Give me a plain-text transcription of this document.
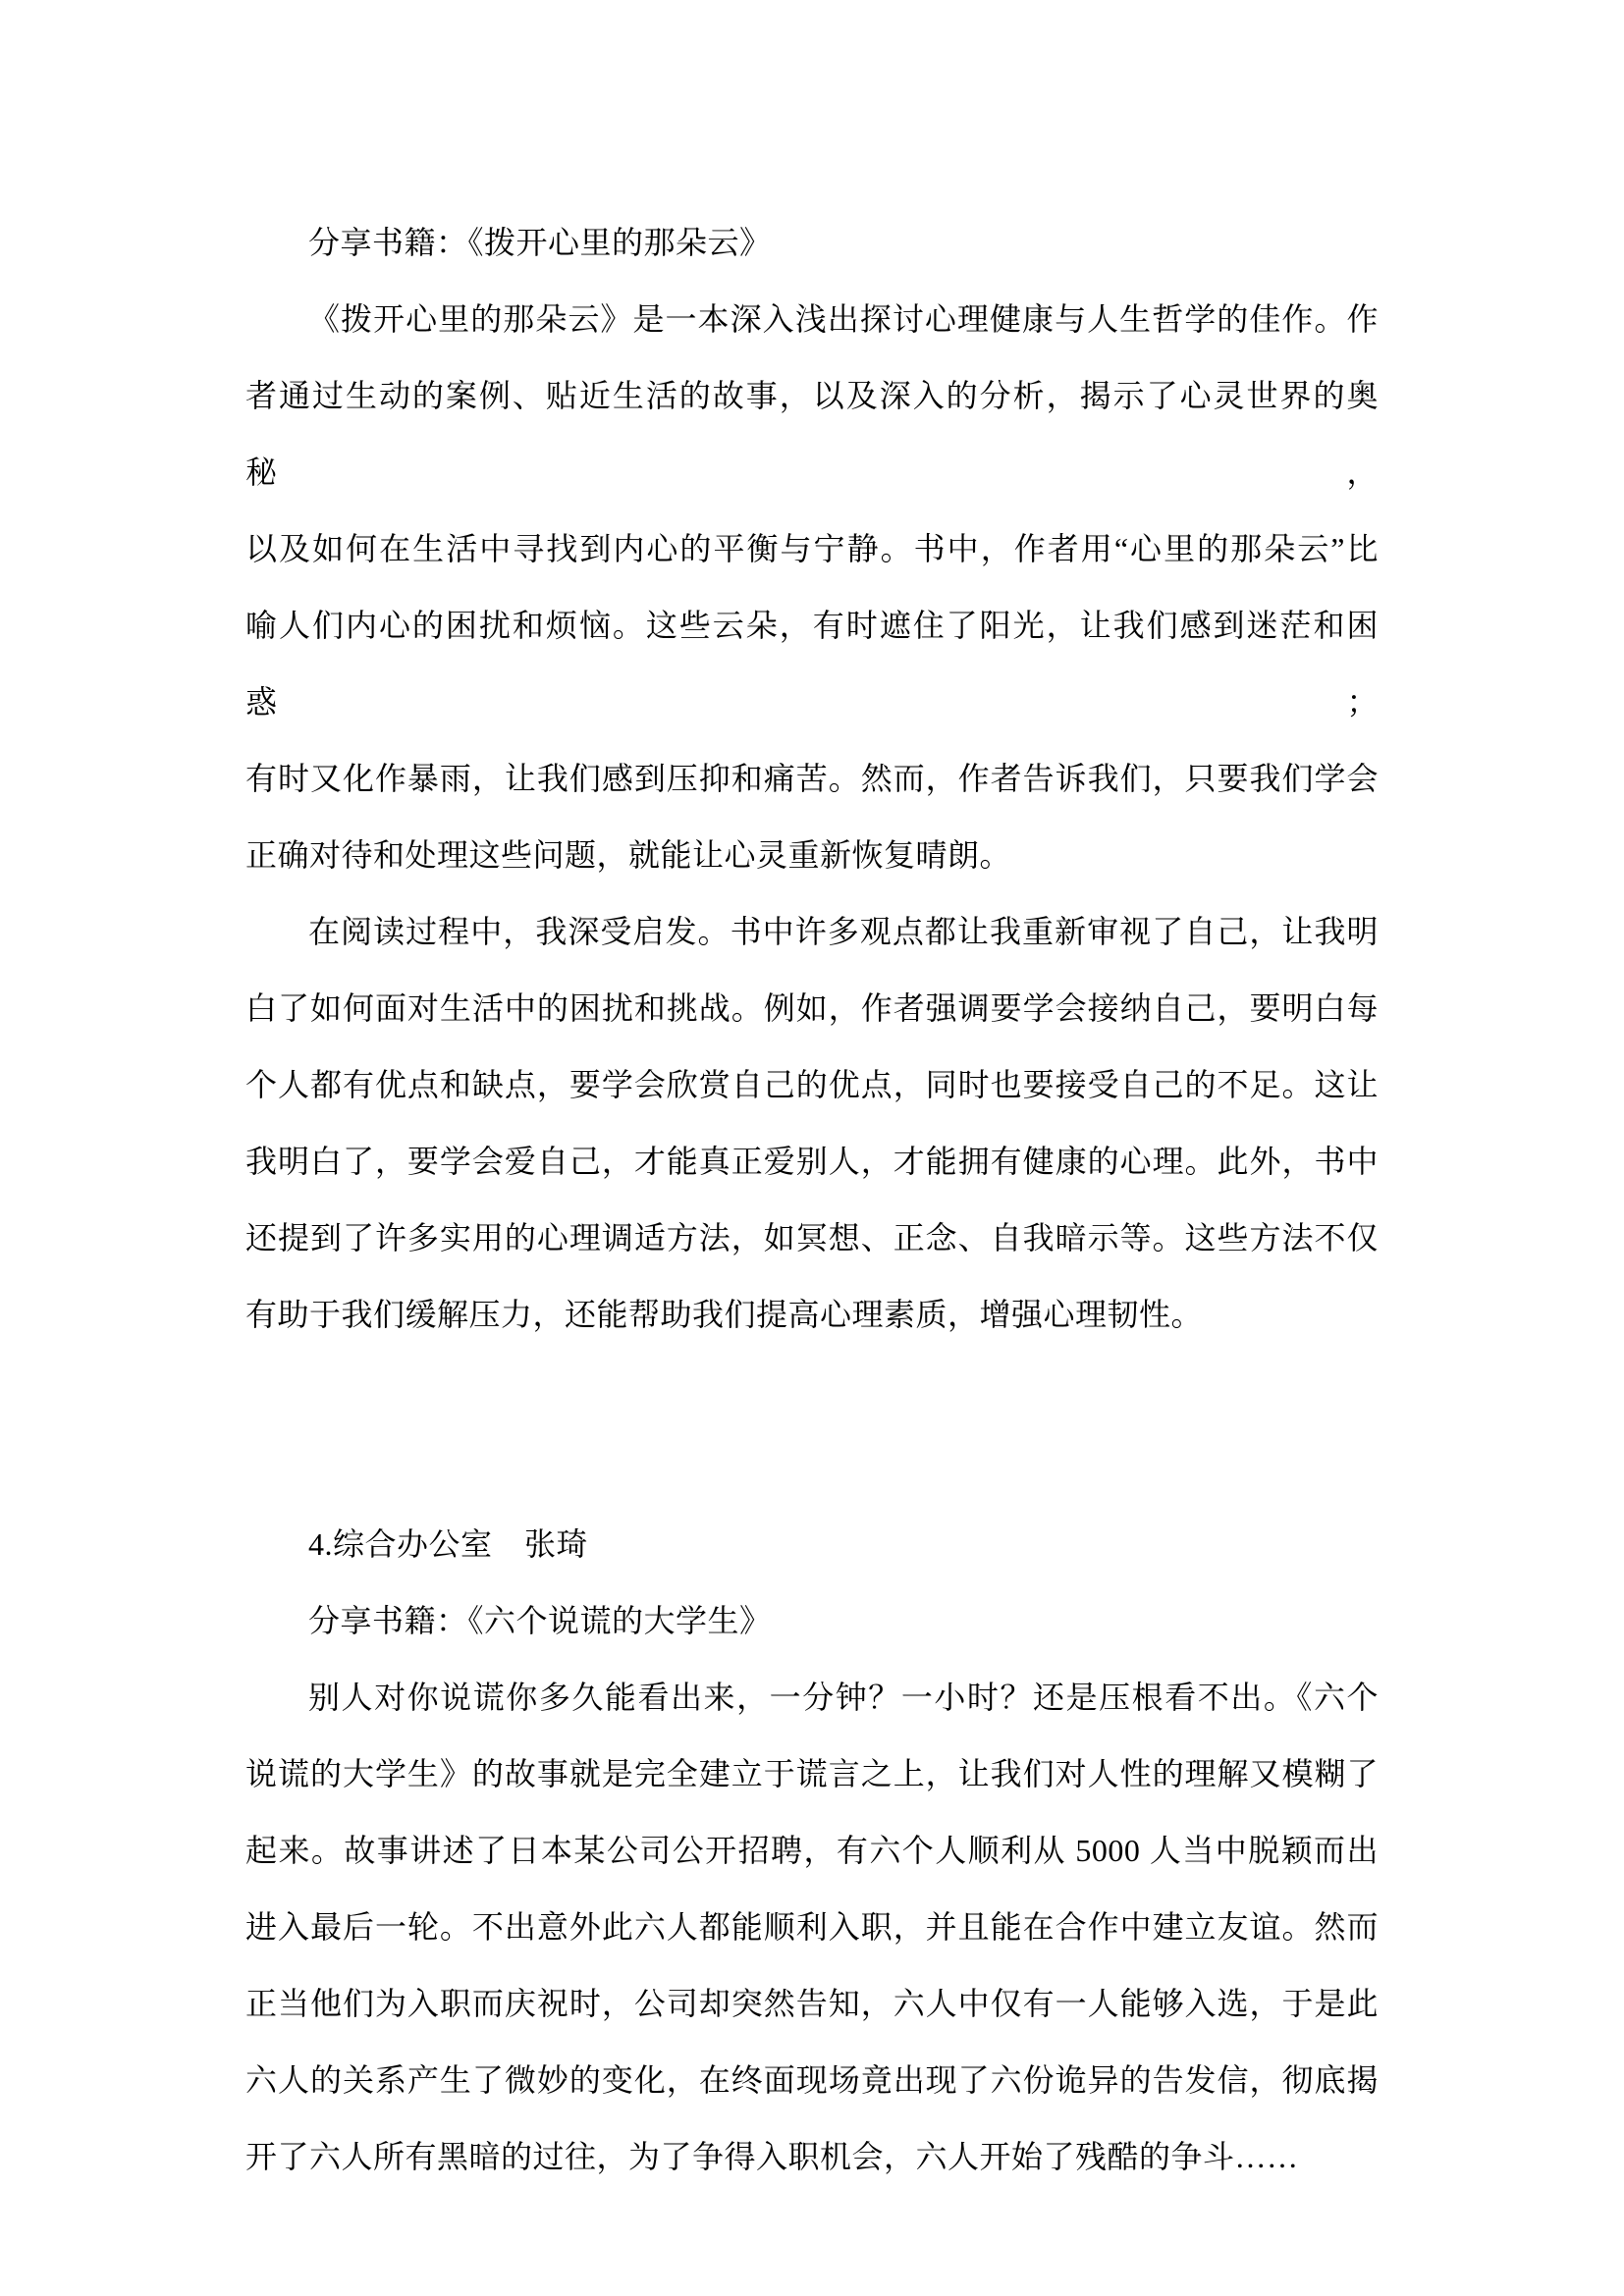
分享书籍：《拨开心里的那朵云》
《拨开心里的那朵云》是一本深入浅出探讨心理健康与人生哲学的佳作。作
者通过生动的案例、贴近生活的故事，以及深入的分析，揭示了心灵世界的奥秘，
以及如何在生活中寻找到内心的平衡与宁静。书中，作者用“心里的那朵云”比
喻人们内心的困扰和烦恼。这些云朵，有时遮住了阳光，让我们感到迷茫和困惑；
有时又化作暴雨，让我们感到压抑和痛苦。然而，作者告诉我们，只要我们学会
正确对待和处理这些问题，就能让心灵重新恢复晴朗。
在阅读过程中，我深受启发。书中许多观点都让我重新审视了自己，让我明
白了如何面对生活中的困扰和挑战。例如，作者强调要学会接纳自己，要明白每
个人都有优点和缺点，要学会欣赏自己的优点，同时也要接受自己的不足。这让
我明白了，要学会爱自己，才能真正爱别人，才能拥有健康的心理。此外，书中
还提到了许多实用的心理调适方法，如冥想、正念、自我暗示等。这些方法不仅
有助于我们缓解压力，还能帮助我们提高心理素质，增强心理韧性。
4.综合办公室　张琦
分享书籍：《六个说谎的大学生》
别人对你说谎你多久能看出来，一分钟？一小时？还是压根看不出。《六个
说谎的大学生》的故事就是完全建立于谎言之上，让我们对人性的理解又模糊了
起来。故事讲述了日本某公司公开招聘，有六个人顺利从 5000 人当中脱颖而出
进入最后一轮。不出意外此六人都能顺利入职，并且能在合作中建立友谊。然而
正当他们为入职而庆祝时，公司却突然告知，六人中仅有一人能够入选，于是此
六人的关系产生了微妙的变化，在终面现场竟出现了六份诡异的告发信，彻底揭
开了六人所有黑暗的过往，为了争得入职机会，六人开始了残酷的争斗……
